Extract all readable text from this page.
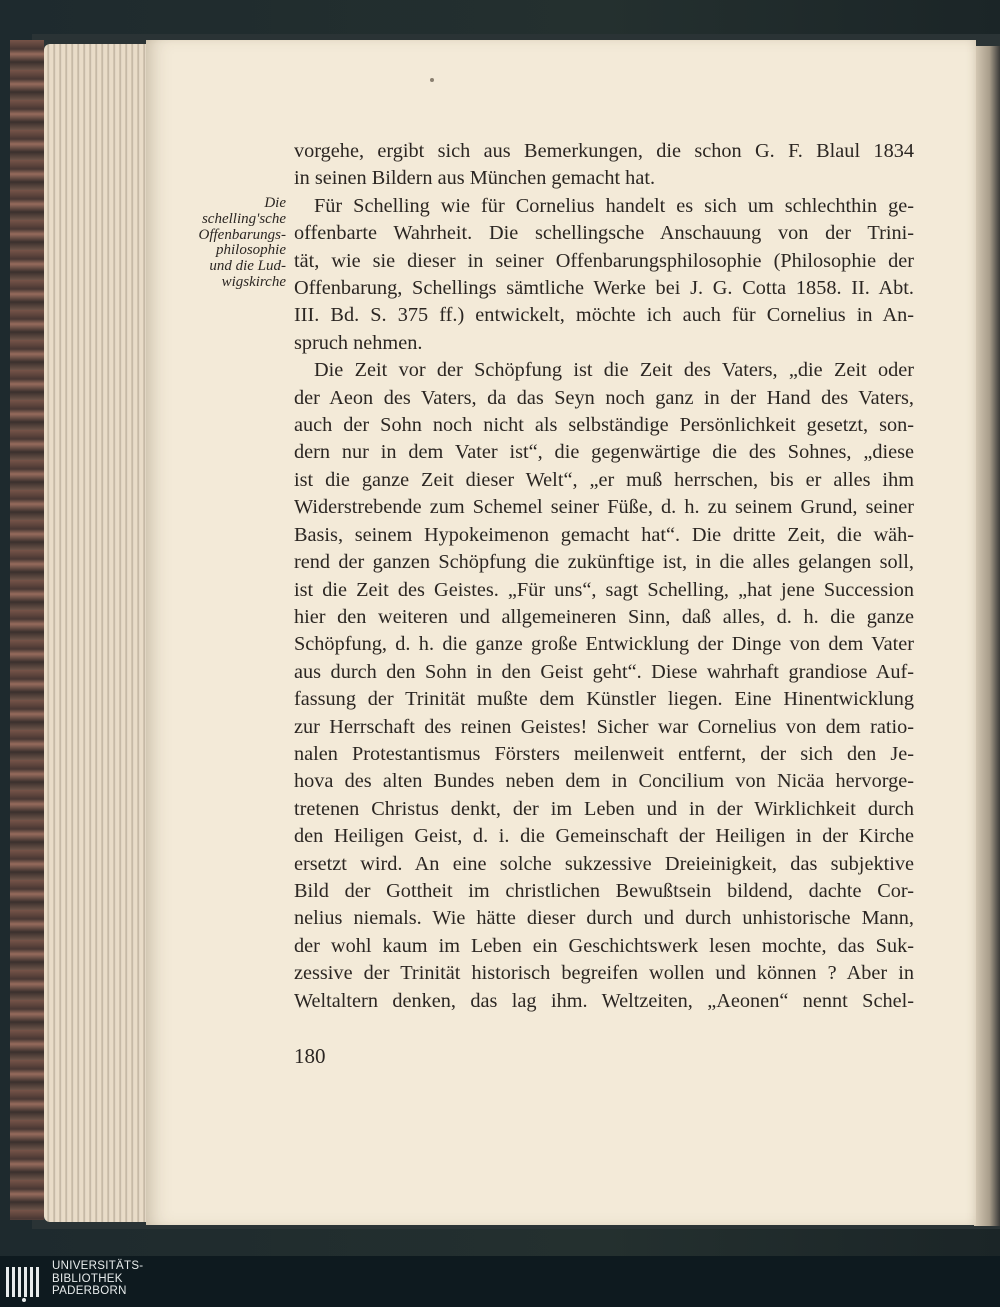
Die
schelling'sche
Offenbarungs-
philosophie
und die Lud-
wigskirche
vorgehe, ergibt sich aus Bemerkungen, die schon G. F. Blaul 1834
in seinen Bildern aus München gemacht hat.
Für Schelling wie für Cornelius handelt es sich um schlechthin ge-
offenbarte Wahrheit. Die schellingsche Anschauung von der Trini-
tät, wie sie dieser in seiner Offenbarungsphilosophie (Philosophie der
Offenbarung, Schellings sämtliche Werke bei J. G. Cotta 1858. II. Abt.
III. Bd. S. 375 ff.) entwickelt, möchte ich auch für Cornelius in An-
spruch nehmen.
Die Zeit vor der Schöpfung ist die Zeit des Vaters, „die Zeit oder
der Aeon des Vaters, da das Seyn noch ganz in der Hand des Vaters,
auch der Sohn noch nicht als selbständige Persönlichkeit gesetzt, son-
dern nur in dem Vater ist“, die gegenwärtige die des Sohnes, „diese
ist die ganze Zeit dieser Welt“, „er muß herrschen, bis er alles ihm
Widerstrebende zum Schemel seiner Füße, d. h. zu seinem Grund, seiner
Basis, seinem Hypokeimenon gemacht hat“. Die dritte Zeit, die wäh-
rend der ganzen Schöpfung die zukünftige ist, in die alles gelangen soll,
ist die Zeit des Geistes. „Für uns“, sagt Schelling, „hat jene Succession
hier den weiteren und allgemeineren Sinn, daß alles, d. h. die ganze
Schöpfung, d. h. die ganze große Entwicklung der Dinge von dem Vater
aus durch den Sohn in den Geist geht“. Diese wahrhaft grandiose Auf-
fassung der Trinität mußte dem Künstler liegen. Eine Hinentwicklung
zur Herrschaft des reinen Geistes! Sicher war Cornelius von dem ratio-
nalen Protestantismus Försters meilenweit entfernt, der sich den Je-
hova des alten Bundes neben dem in Concilium von Nicäa hervorge-
tretenen Christus denkt, der im Leben und in der Wirklichkeit durch
den Heiligen Geist, d. i. die Gemeinschaft der Heiligen in der Kirche
ersetzt wird. An eine solche sukzessive Dreieinigkeit, das subjektive
Bild der Gottheit im christlichen Bewußtsein bildend, dachte Cor-
nelius niemals. Wie hätte dieser durch und durch unhistorische Mann,
der wohl kaum im Leben ein Geschichtswerk lesen mochte, das Suk-
zessive der Trinität historisch begreifen wollen und können ? Aber in
Weltaltern denken, das lag ihm. Weltzeiten, „Aeonen“ nennt Schel-
180
UNIVERSITÄTS-
BIBLIOTHEK
PADERBORN
